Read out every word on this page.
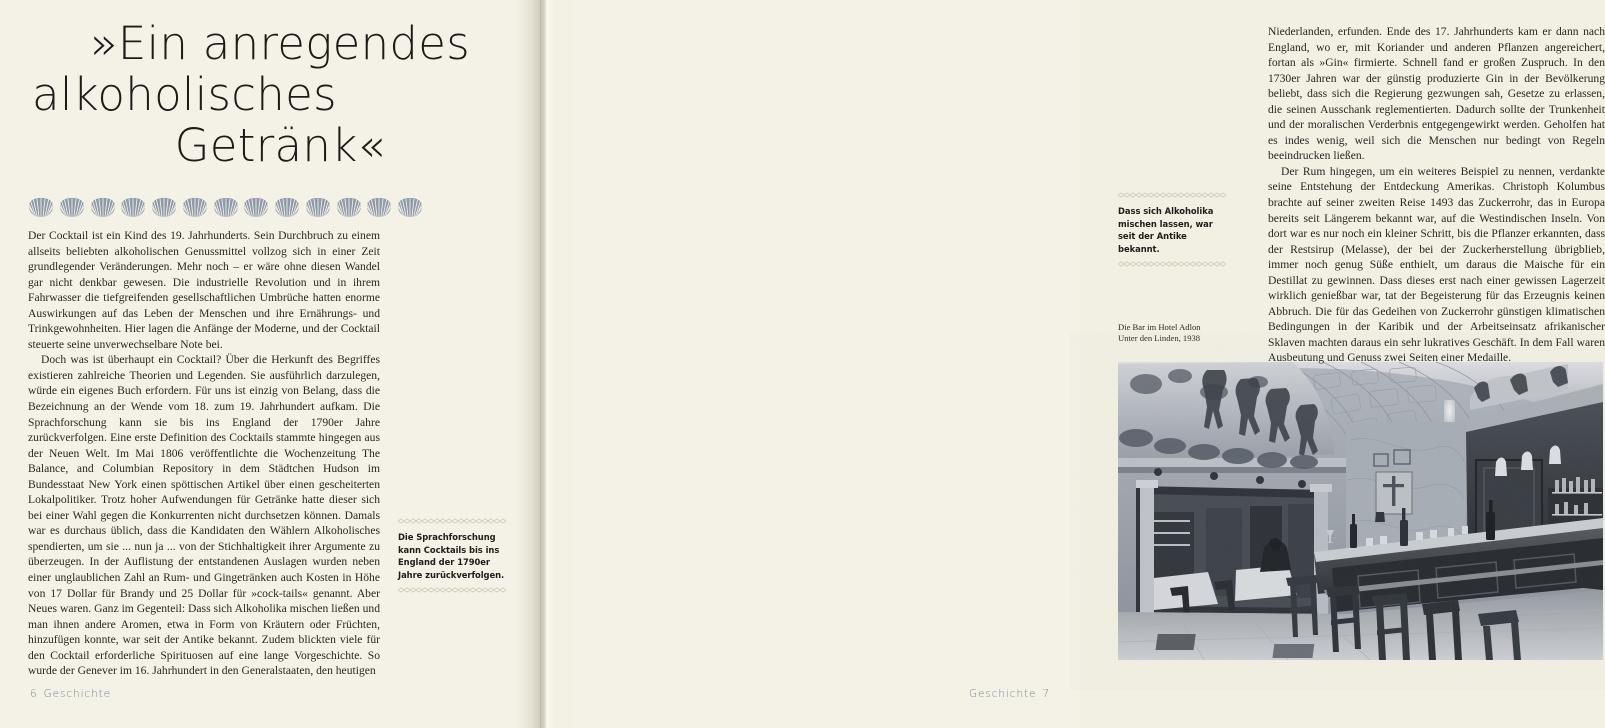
»Ein anregendes
alkoholisches
Getränk«

Der Cocktail ist ein Kind des 19. Jahrhunderts. Sein Durchbruch zu einem allseits beliebten alkoholischen Genussmittel vollzog sich in einer Zeit grundlegender Veränderungen. Mehr noch – er wäre ohne diesen Wandel gar nicht denkbar gewesen. Die industrielle Revolution und in ihrem Fahrwasser die tiefgreifenden gesellschaftlichen Umbrüche hatten enorme Auswirkungen auf das Leben der Menschen und ihre Ernährungs- und Trinkgewohnheiten. Hier lagen die Anfänge der Moderne, und der Cocktail steuerte seine unverwechselbare Note bei.

Doch was ist überhaupt ein Cocktail? Über die Herkunft des Begriffes existieren zahlreiche Theorien und Legenden. Sie ausführlich darzulegen, würde ein eigenes Buch erfordern. Für uns ist einzig von Belang, dass die Bezeichnung an der Wende vom 18. zum 19. Jahrhundert aufkam. Die Sprachforschung kann sie bis ins England der 1790er Jahre zurückverfolgen. Eine erste Definition des Cocktails stammte hingegen aus der Neuen Welt. Im Mai 1806 veröffentlichte die Wochenzeitung The Balance, and Columbian Repository in dem Städtchen Hudson im Bundesstaat New York einen spöttischen Artikel über einen gescheiterten Lokalpolitiker. Trotz hoher Aufwendungen für Getränke hatte dieser sich bei einer Wahl gegen die Konkurrenten nicht durchsetzen können. Damals war es durchaus üblich, dass die Kandidaten den Wählern Alkoholisches spendierten, um sie ... nun ja ... von der Stichhaltigkeit ihrer Argumente zu überzeugen. In der Auflistung der entstandenen Auslagen wurden neben einer unglaublichen Zahl an Rum- und Gingetränken auch Kosten in Höhe von 17 Dollar für Brandy und 25 Dollar für »cock-tails« genannt. Aber Neues waren. Ganz im Gegenteil: Dass sich Alkoholika mischen ließen und man ihnen andere Aromen, etwa in Form von Kräutern oder Früchten, hinzufügen konnte, war seit der Antike bekannt. Zudem blickten viele für den Cocktail erforderliche Spirituosen auf eine lange Vorgeschichte. So wurde der Genever im 16. Jahrhundert in den Generalstaaten, den heutigen

Die Sprachforschung kann Cocktails bis ins England der 1790er Jahre zurückverfolgen.
6 Geschichte
Dass sich Alkoholika mischen lassen, war seit der Antike bekannt.
Die Bar im Hotel Adlon
Unter den Linden, 1938

Niederlanden, erfunden. Ende des 17. Jahrhunderts kam er dann nach England, wo er, mit Koriander und anderen Pflanzen angereichert, fortan als »Gin« firmierte. Schnell fand er großen Zuspruch. In den 1730er Jahren war der günstig produzierte Gin in der Bevölkerung beliebt, dass sich die Regierung gezwungen sah, Gesetze zu erlassen, die seinen Ausschank reglementierten. Dadurch sollte der Trunkenheit und der moralischen Verderbnis entgegengewirkt werden. Geholfen hat es indes wenig, weil sich die Menschen nur bedingt von Regeln beeindrucken ließen.

Der Rum hingegen, um ein weiteres Beispiel zu nennen, verdankte seine Entstehung der Entdeckung Amerikas. Christoph Kolumbus brachte auf seiner zweiten Reise 1493 das Zuckerrohr, das in Europa bereits seit Längerem bekannt war, auf die Westindischen Inseln. Von dort war es nur noch ein kleiner Schritt, bis die Pflanzer erkannten, dass der Restsirup (Melasse), der bei der Zuckerherstellung übrigblieb, immer noch genug Süße enthielt, um daraus die Maische für ein Destillat zu gewinnen. Dass dieses erst nach einer gewissen Lagerzeit wirklich genießbar war, tat der Begeisterung für das Erzeugnis keinen Abbruch. Die für das Gedeihen von Zuckerrohr günstigen klimatischen Bedingungen in der Karibik und der Arbeitseinsatz afrikanischer Sklaven machten daraus ein sehr lukratives Geschäft. In dem Fall waren Ausbeutung und Genuss zwei Seiten einer Medaille.

Geschichte 7
